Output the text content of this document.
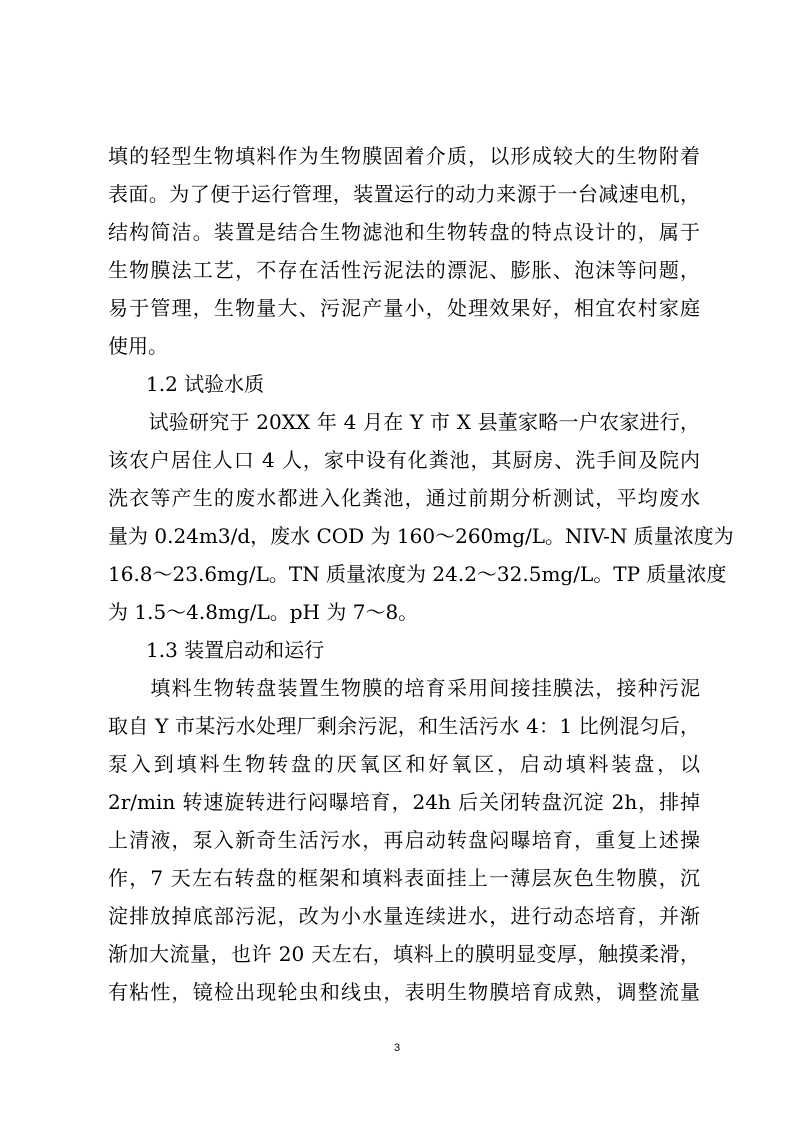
填的轻型生物填料作为生物膜固着介质，以形成较大的生物附着
表面。为了便于运行管理，装置运行的动力来源于一台减速电机，
结构简洁。装置是结合生物滤池和生物转盘的特点设计的，属于
生物膜法工艺，不存在活性污泥法的漂泥、膨胀、泡沫等问题，
易于管理，生物量大、污泥产量小，处理效果好，相宜农村家庭
使用。
1.2 试验水质
　　试验研究于 20XX 年 4 月在 Y 市 X 县董家略一户农家进行，
该农户居住人口 4 人，家中设有化粪池，其厨房、洗手间及院内
洗衣等产生的废水都进入化粪池，通过前期分析测试，平均废水
量为 0.24m3/d，废水 COD 为 160～260mg/L。NIV-N 质量浓度为
16.8～23.6mg/L。TN 质量浓度为 24.2～32.5mg/L。TP 质量浓度
为 1.5～4.8mg/L。pH 为 7～8。
1.3 装置启动和运行
　　填料生物转盘装置生物膜的培育采用间接挂膜法，接种污泥
取自 Y 市某污水处理厂剩余污泥，和生活污水 4：1 比例混匀后，
泵入到填料生物转盘的厌氧区和好氧区，启动填料装盘，以
2r/min 转速旋转进行闷曝培育，24h 后关闭转盘沉淀 2h，排掉
上清液，泵入新奇生活污水，再启动转盘闷曝培育，重复上述操
作，7 天左右转盘的框架和填料表面挂上一薄层灰色生物膜，沉
淀排放掉底部污泥，改为小水量连续进水，进行动态培育，并渐
渐加大流量，也许 20 天左右，填料上的膜明显变厚，触摸柔滑，
有粘性，镜检出现轮虫和线虫，表明生物膜培育成熟，调整流量
3
